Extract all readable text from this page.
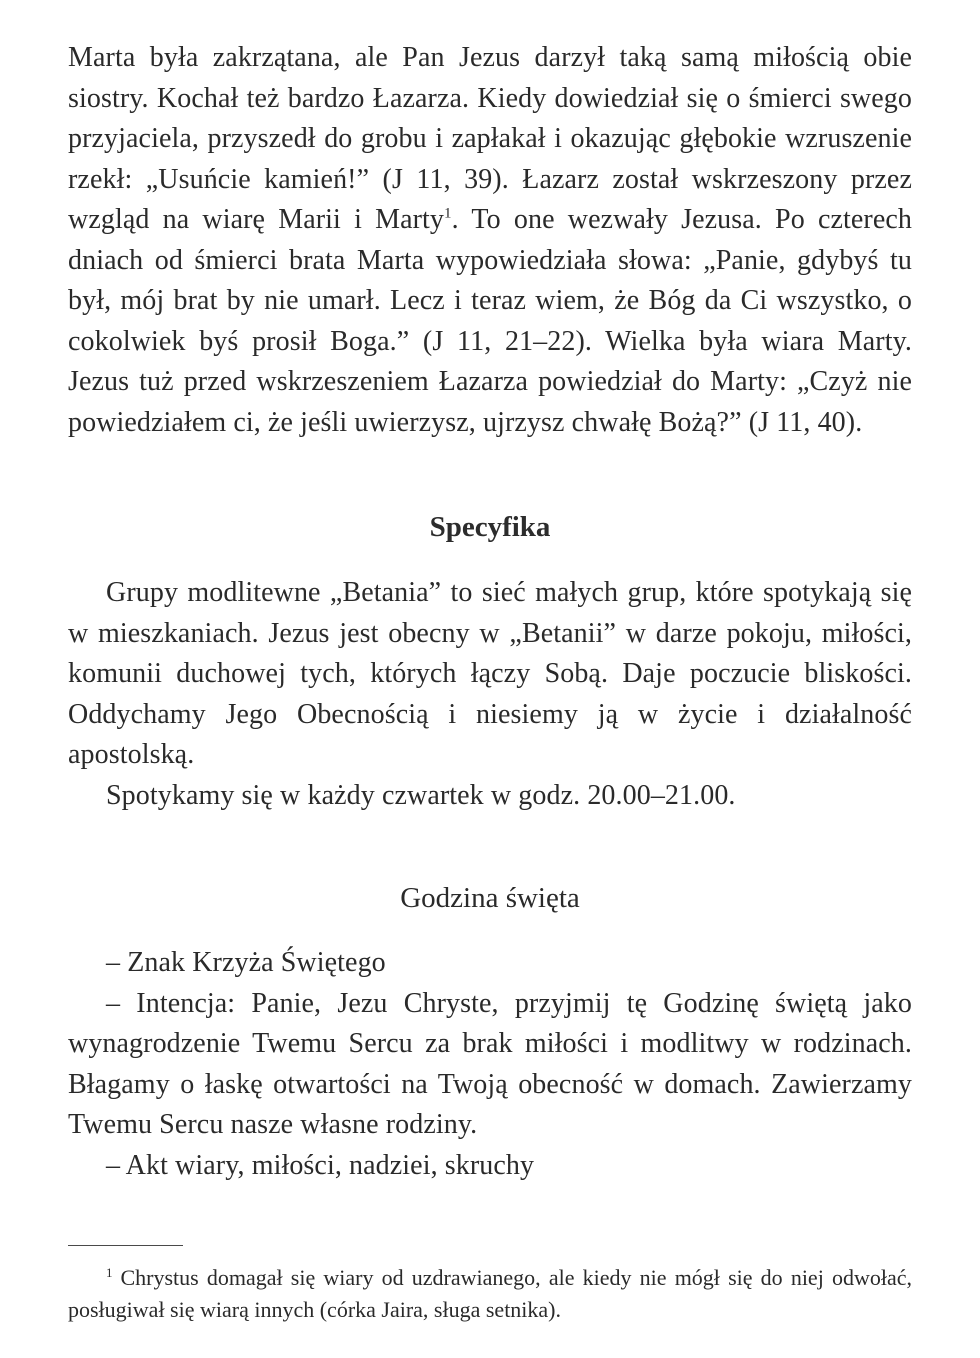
Marta była zakrzątana, ale Pan Jezus darzył taką samą miłością obie siostry. Kochał też bardzo Łazarza. Kiedy dowiedział się o śmierci swego przyjaciela, przyszedł do grobu i zapłakał i okazując głębokie wzruszenie rzekł: „Usuńcie kamień!” (J 11, 39). Łazarz został wskrzeszony przez wzgląd na wiarę Marii i Marty$^1$. To one wezwały Jezusa. Po czterech dniach od śmierci brata Marta wypowiedziała słowa: „Panie, gdybyś tu był, mój brat by nie umarł. Lecz i teraz wiem, że Bóg da Ci wszystko, o cokolwiek byś prosił Boga.” (J 11, 21–22). Wielka była wiara Marty. Jezus tuż przed wskrzeszeniem Łazarza powiedział do Marty: „Czyż nie powiedziałem ci, że jeśli uwierzysz, ujrzysz chwałę Bożą?” (J 11, 40).

Specyfika

Grupy modlitewne „Betania” to sieć małych grup, które spotykają się w mieszkaniach. Jezus jest obecny w „Betanii” w darze pokoju, miłości, komunii duchowej tych, których łączy Sobą. Daje poczucie bliskości. Oddychamy Jego Obecnością i niesiemy ją w życie i działalność apostolską.

Spotykamy się w każdy czwartek w godz. 20.00–21.00.

Godzina święta

– Znak Krzyża Świętego

– Intencja: Panie, Jezu Chryste, przyjmij tę Godzinę świętą jako wynagrodzenie Twemu Sercu za brak miłości i modlitwy w rodzinach. Błagamy o łaskę otwartości na Twoją obecność w domach. Zawierzamy Twemu Sercu nasze własne rodziny.

– Akt wiary, miłości, nadziei, skruchy

$^1$ Chrystus domagał się wiary od uzdrawianego, ale kiedy nie mógł się do niej odwołać, posługiwał się wiarą innych (córka Jaira, sługa setnika).
